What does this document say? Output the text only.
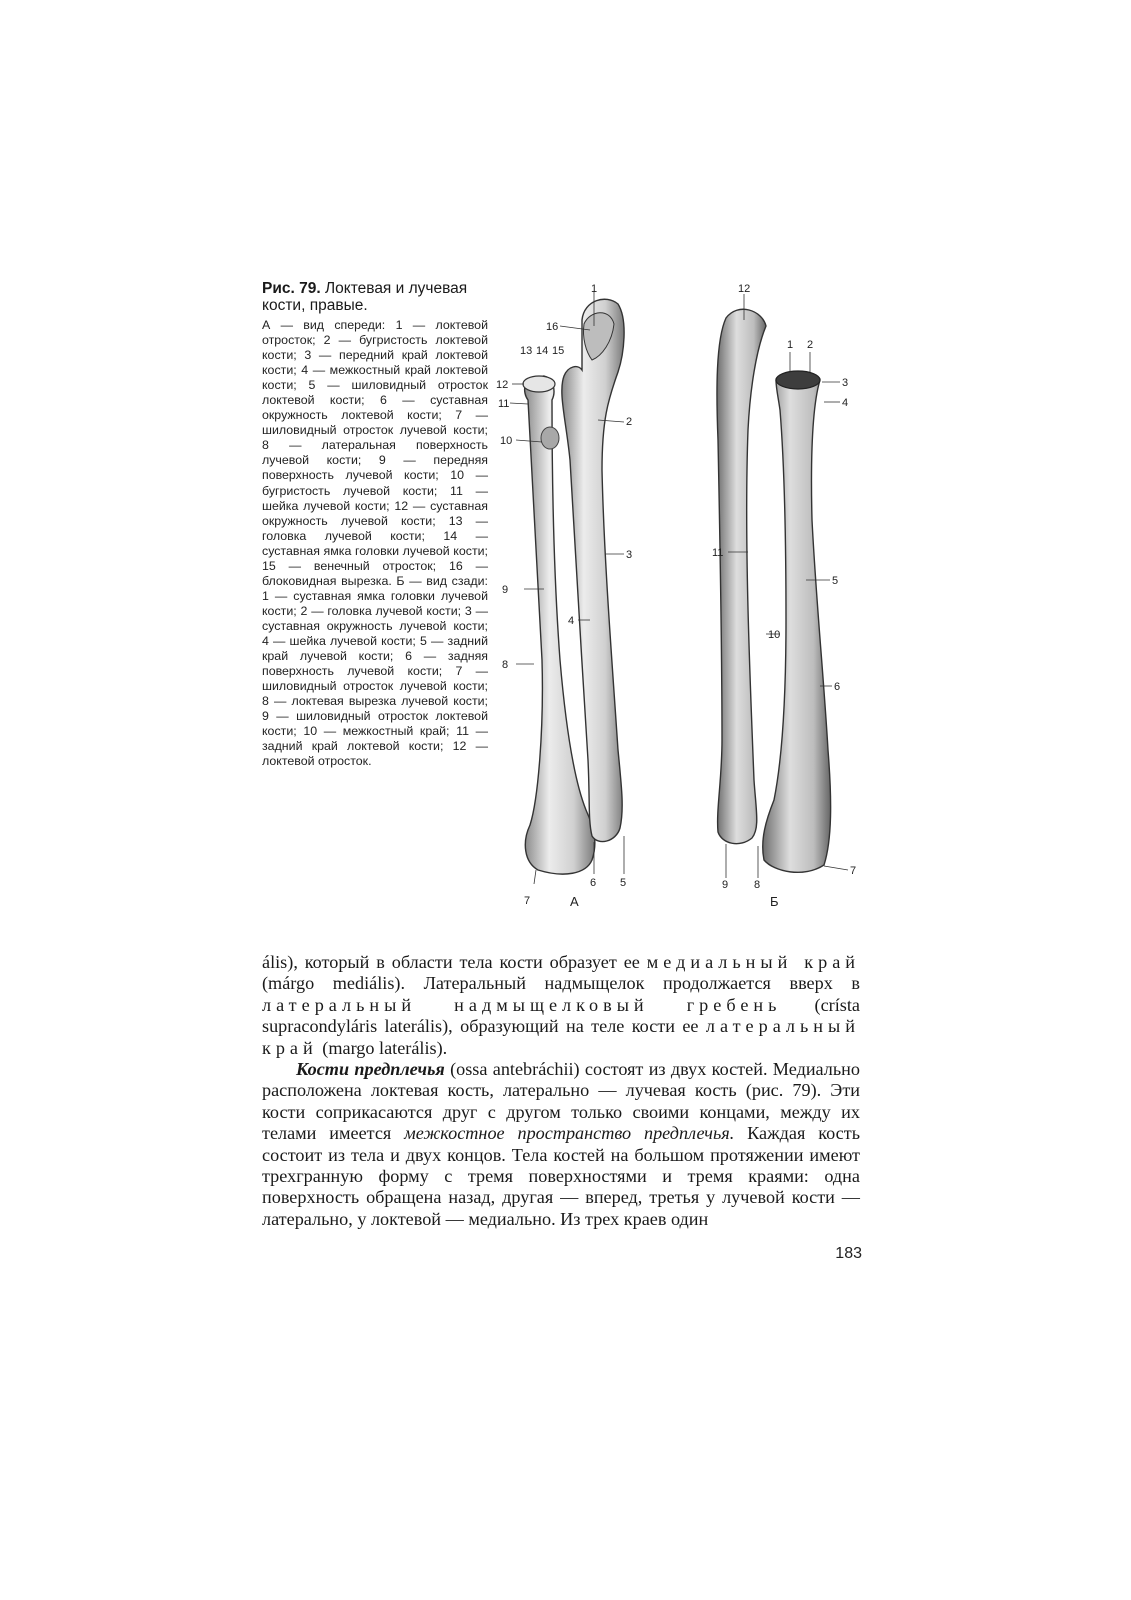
Рис. 79. Локтевая и лучевая кости, правые.
А — вид спереди: 1 — локтевой отросток; 2 — бугристость локтевой кости; 3 — передний край локтевой кости; 4 — межкостный край локтевой кости; 5 — шиловидный отросток локтевой кости; 6 — суставная окружность локтевой кости; 7 — шиловидный отросток лучевой кости; 8 — латеральная поверхность лучевой кости; 9 — передняя поверхность лучевой кости; 10 — бугристость лучевой кости; 11 — шейка лучевой кости; 12 — суставная окружность лучевой кости; 13 — головка лучевой кости; 14 — суставная ямка головки лучевой кости; 15 — венечный отросток; 16 — блоковидная вырезка. Б — вид сзади: 1 — суставная ямка головки лучевой кости; 2 — головка лучевой кости; 3 — суставная окружность лучевой кости; 4 — шейка лучевой кости; 5 — задний край лучевой кости; 6 — задняя поверхность лучевой кости; 7 — шиловидный отросток лучевой кости; 8 — локтевая вырезка лучевой кости; 9 — шиловидный отросток локтевой кости; 10 — межкостный край; 11 — задний край локтевой кости; 12 — локтевой отросток.
1
16
13 14 15
12
11
10
2
3
9
4
8
7
6 5
А
12
1 2
3
4
11
5
10
6
7
9 8
Б

ális), который в области тела кости образует ее медиальный край (márgo mediális). Латеральный надмыщелок продолжается вверх в латеральный надмыщелковый гребень (críѕta supracondyláris laterális), образующий на теле кости ее латеральный край (margo laterális).

Кости предплечья (ossa antebráchii) состоят из двух костей. Медиально расположена локтевая кость, латерально — лучевая кость (рис. 79). Эти кости соприкасаются друг с другом только своими концами, между их телами имеется межкостное пространство предплечья. Каждая кость состоит из тела и двух концов. Тела костей на большом протяжении имеют трехгранную форму с тремя поверхностями и тремя краями: одна поверхность обращена назад, другая — вперед, третья у лучевой кости — латерально, у локтевой — медиально. Из трех краев один

183
